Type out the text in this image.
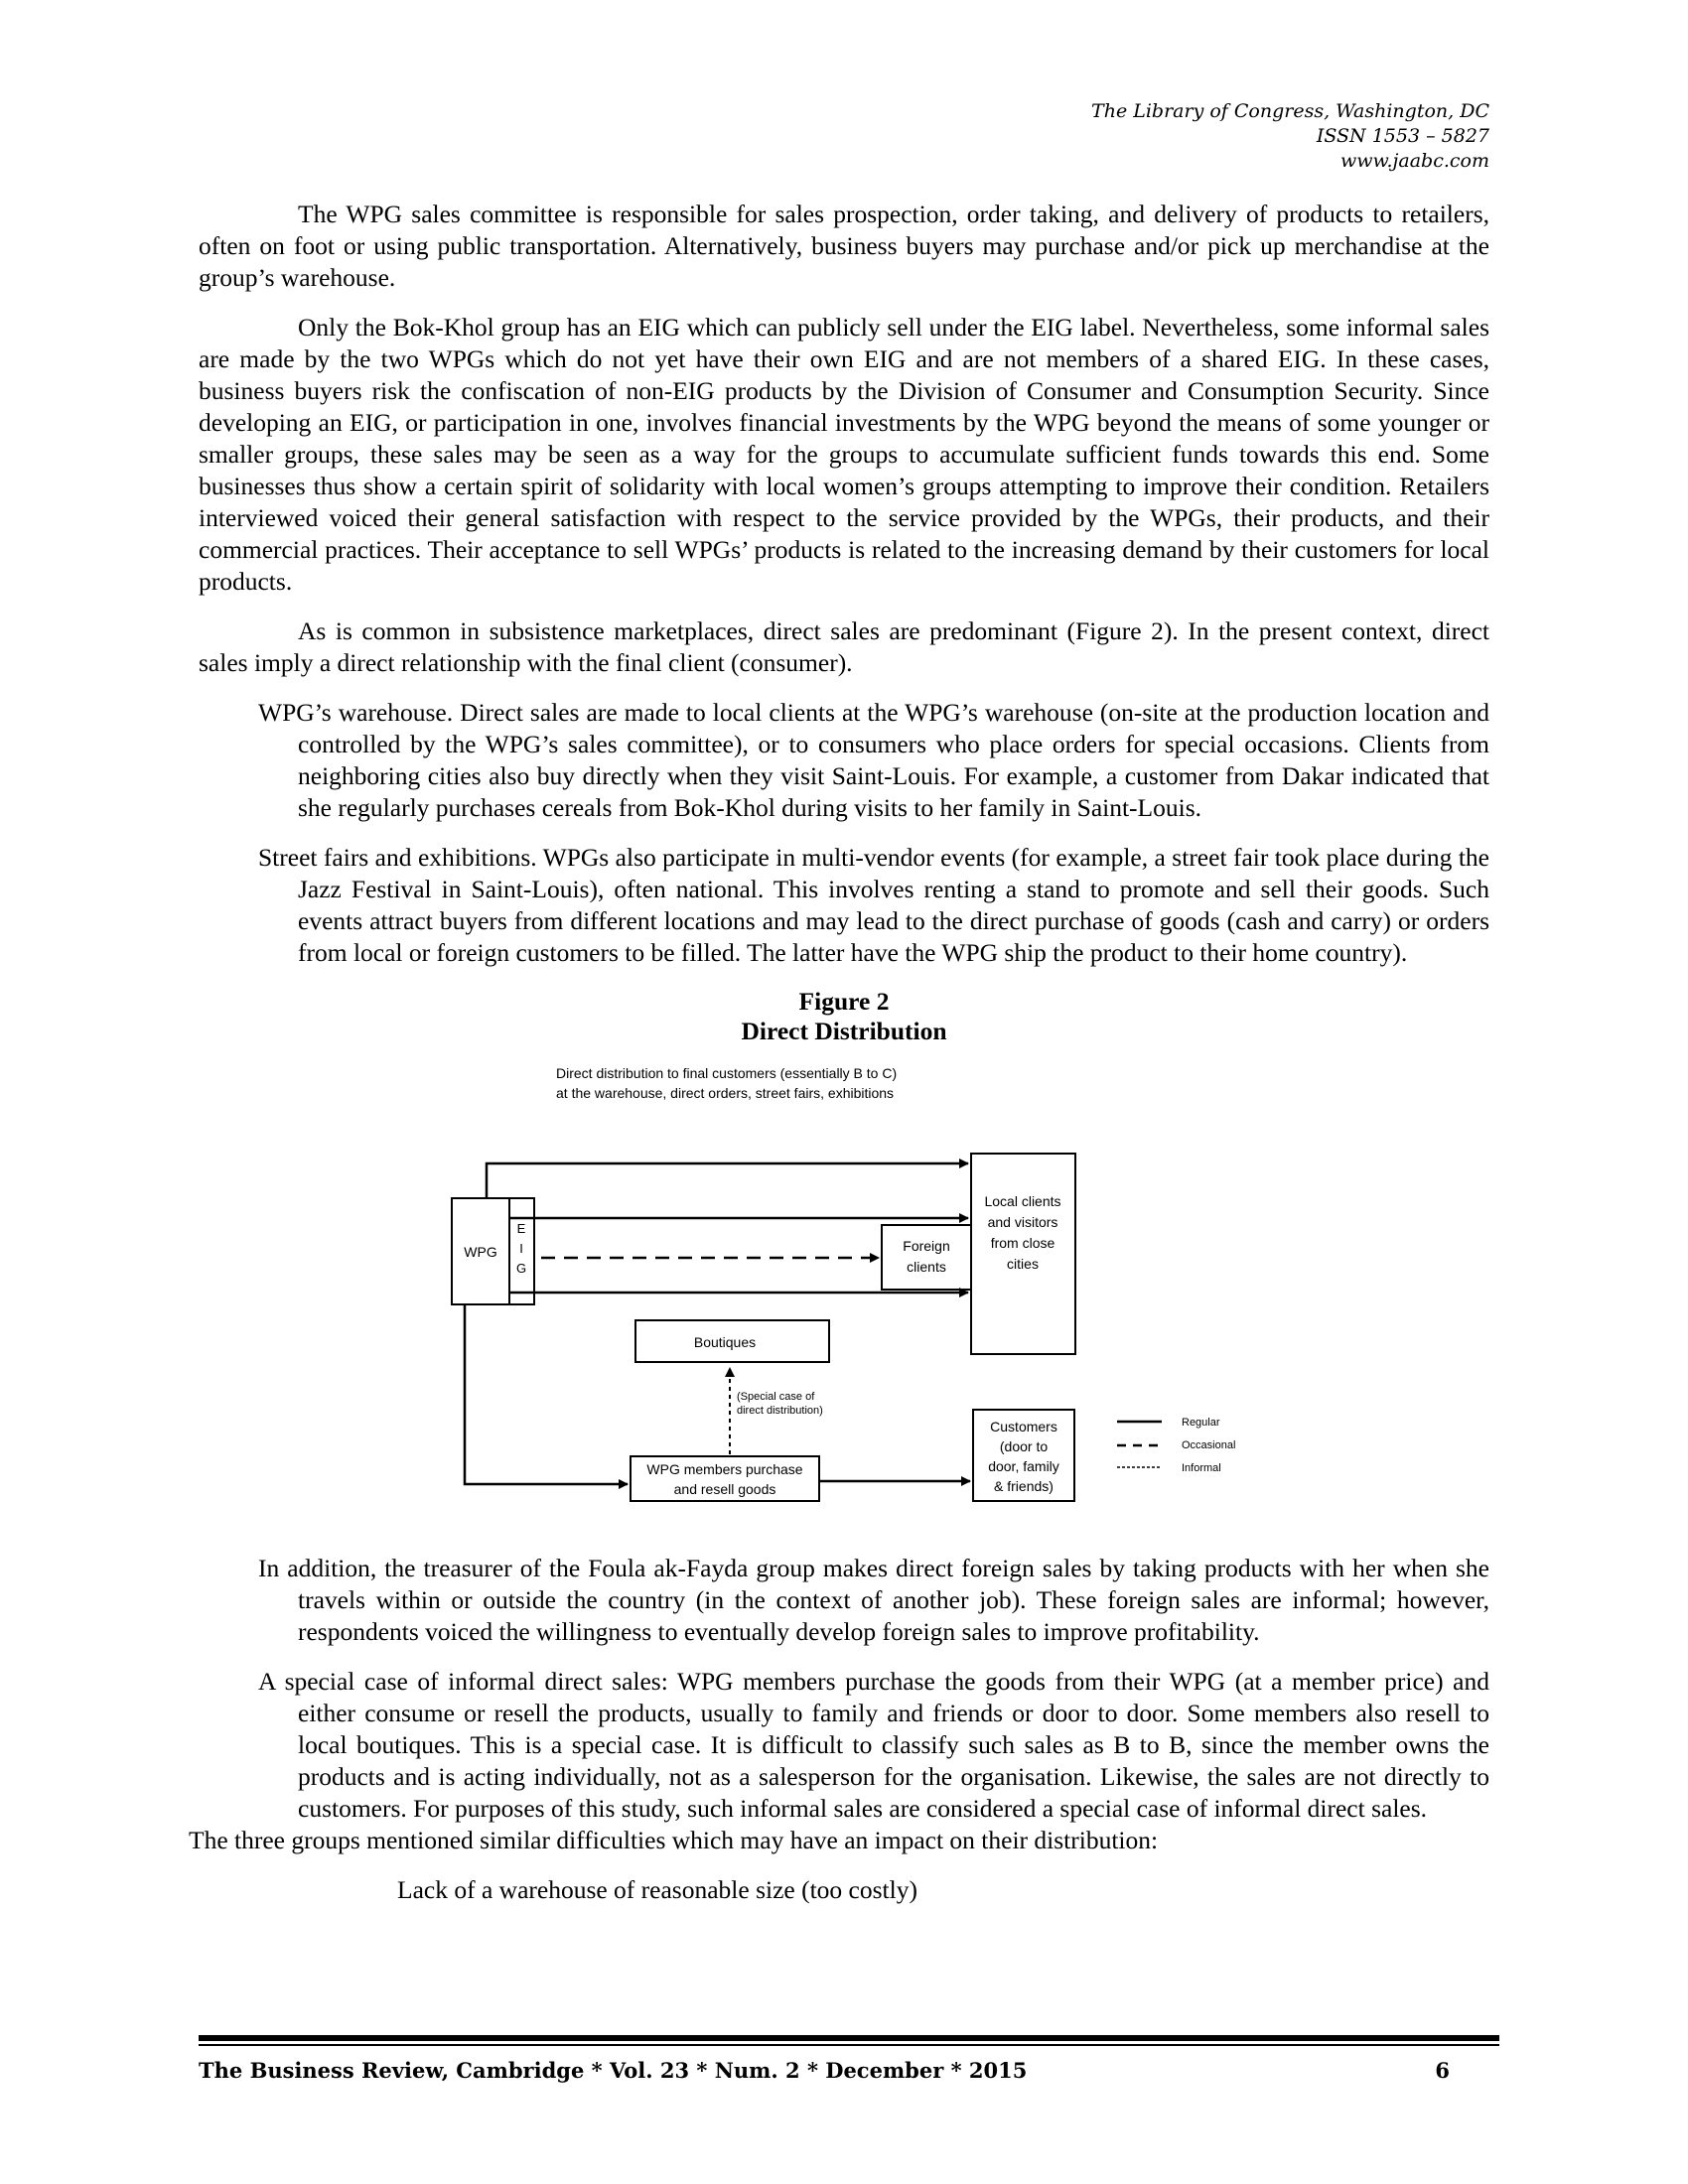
The Library of Congress, Washington, DC
ISSN 1553 – 5827
www.jaabc.com

The WPG sales committee is responsible for sales prospection, order taking, and delivery of products to retailers, often on foot or using public transportation. Alternatively, business buyers may purchase and/or pick up merchandise at the group’s warehouse.

Only the Bok-Khol group has an EIG which can publicly sell under the EIG label. Nevertheless, some informal sales are made by the two WPGs which do not yet have their own EIG and are not members of a shared EIG. In these cases, business buyers risk the confiscation of non-EIG products by the Division of Consumer and Consumption Security. Since developing an EIG, or participation in one, involves financial investments by the WPG beyond the means of some younger or smaller groups, these sales may be seen as a way for the groups to accumulate sufficient funds towards this end. Some businesses thus show a certain spirit of solidarity with local women’s groups attempting to improve their condition. Retailers interviewed voiced their general satisfaction with respect to the service provided by the WPGs, their products, and their commercial practices. Their acceptance to sell WPGs’ products is related to the increasing demand by their customers for local products.

As is common in subsistence marketplaces, direct sales are predominant (Figure 2). In the present context, direct sales imply a direct relationship with the final client (consumer).

WPG’s warehouse. Direct sales are made to local clients at the WPG’s warehouse (on-site at the production location and controlled by the WPG’s sales committee), or to consumers who place orders for special occasions. Clients from neighboring cities also buy directly when they visit Saint-Louis. For example, a customer from Dakar indicated that she regularly purchases cereals from Bok-Khol during visits to her family in Saint-Louis.

Street fairs and exhibitions. WPGs also participate in multi-vendor events (for example, a street fair took place during the Jazz Festival in Saint-Louis), often national. This involves renting a stand to promote and sell their goods. Such events attract buyers from different locations and may lead to the direct purchase of goods (cash and carry) or orders from local or foreign customers to be filled. The latter have the WPG ship the product to their home country).

Figure 2
Direct Distribution
Direct distribution to final customers (essentially B to C)
at the warehouse, direct orders, street fairs, exhibitions
WPG
E
I
G
Local clients
and visitors
from close
cities
Foreign
clients
Boutiques
WPG members purchase
and resell goods
Customers
(door to
door, family
& friends)
(Special case of
direct distribution)
Regular
Occasional
Informal

In addition, the treasurer of the Foula ak-Fayda group makes direct foreign sales by taking products with her when she travels within or outside the country (in the context of another job). These foreign sales are informal; however, respondents voiced the willingness to eventually develop foreign sales to improve profitability.

A special case of informal direct sales: WPG members purchase the goods from their WPG (at a member price) and either consume or resell the products, usually to family and friends or door to door. Some members also resell to local boutiques. This is a special case. It is difficult to classify such sales as B to B, since the member owns the products and is acting individually, not as a salesperson for the organisation. Likewise, the sales are not directly to customers. For purposes of this study, such informal sales are considered a special case of informal direct sales.

The three groups mentioned similar difficulties which may have an impact on their distribution:

Lack of a warehouse of reasonable size (too costly)

The Business Review, Cambridge * Vol. 23 * Num. 2 * December * 2015	6
